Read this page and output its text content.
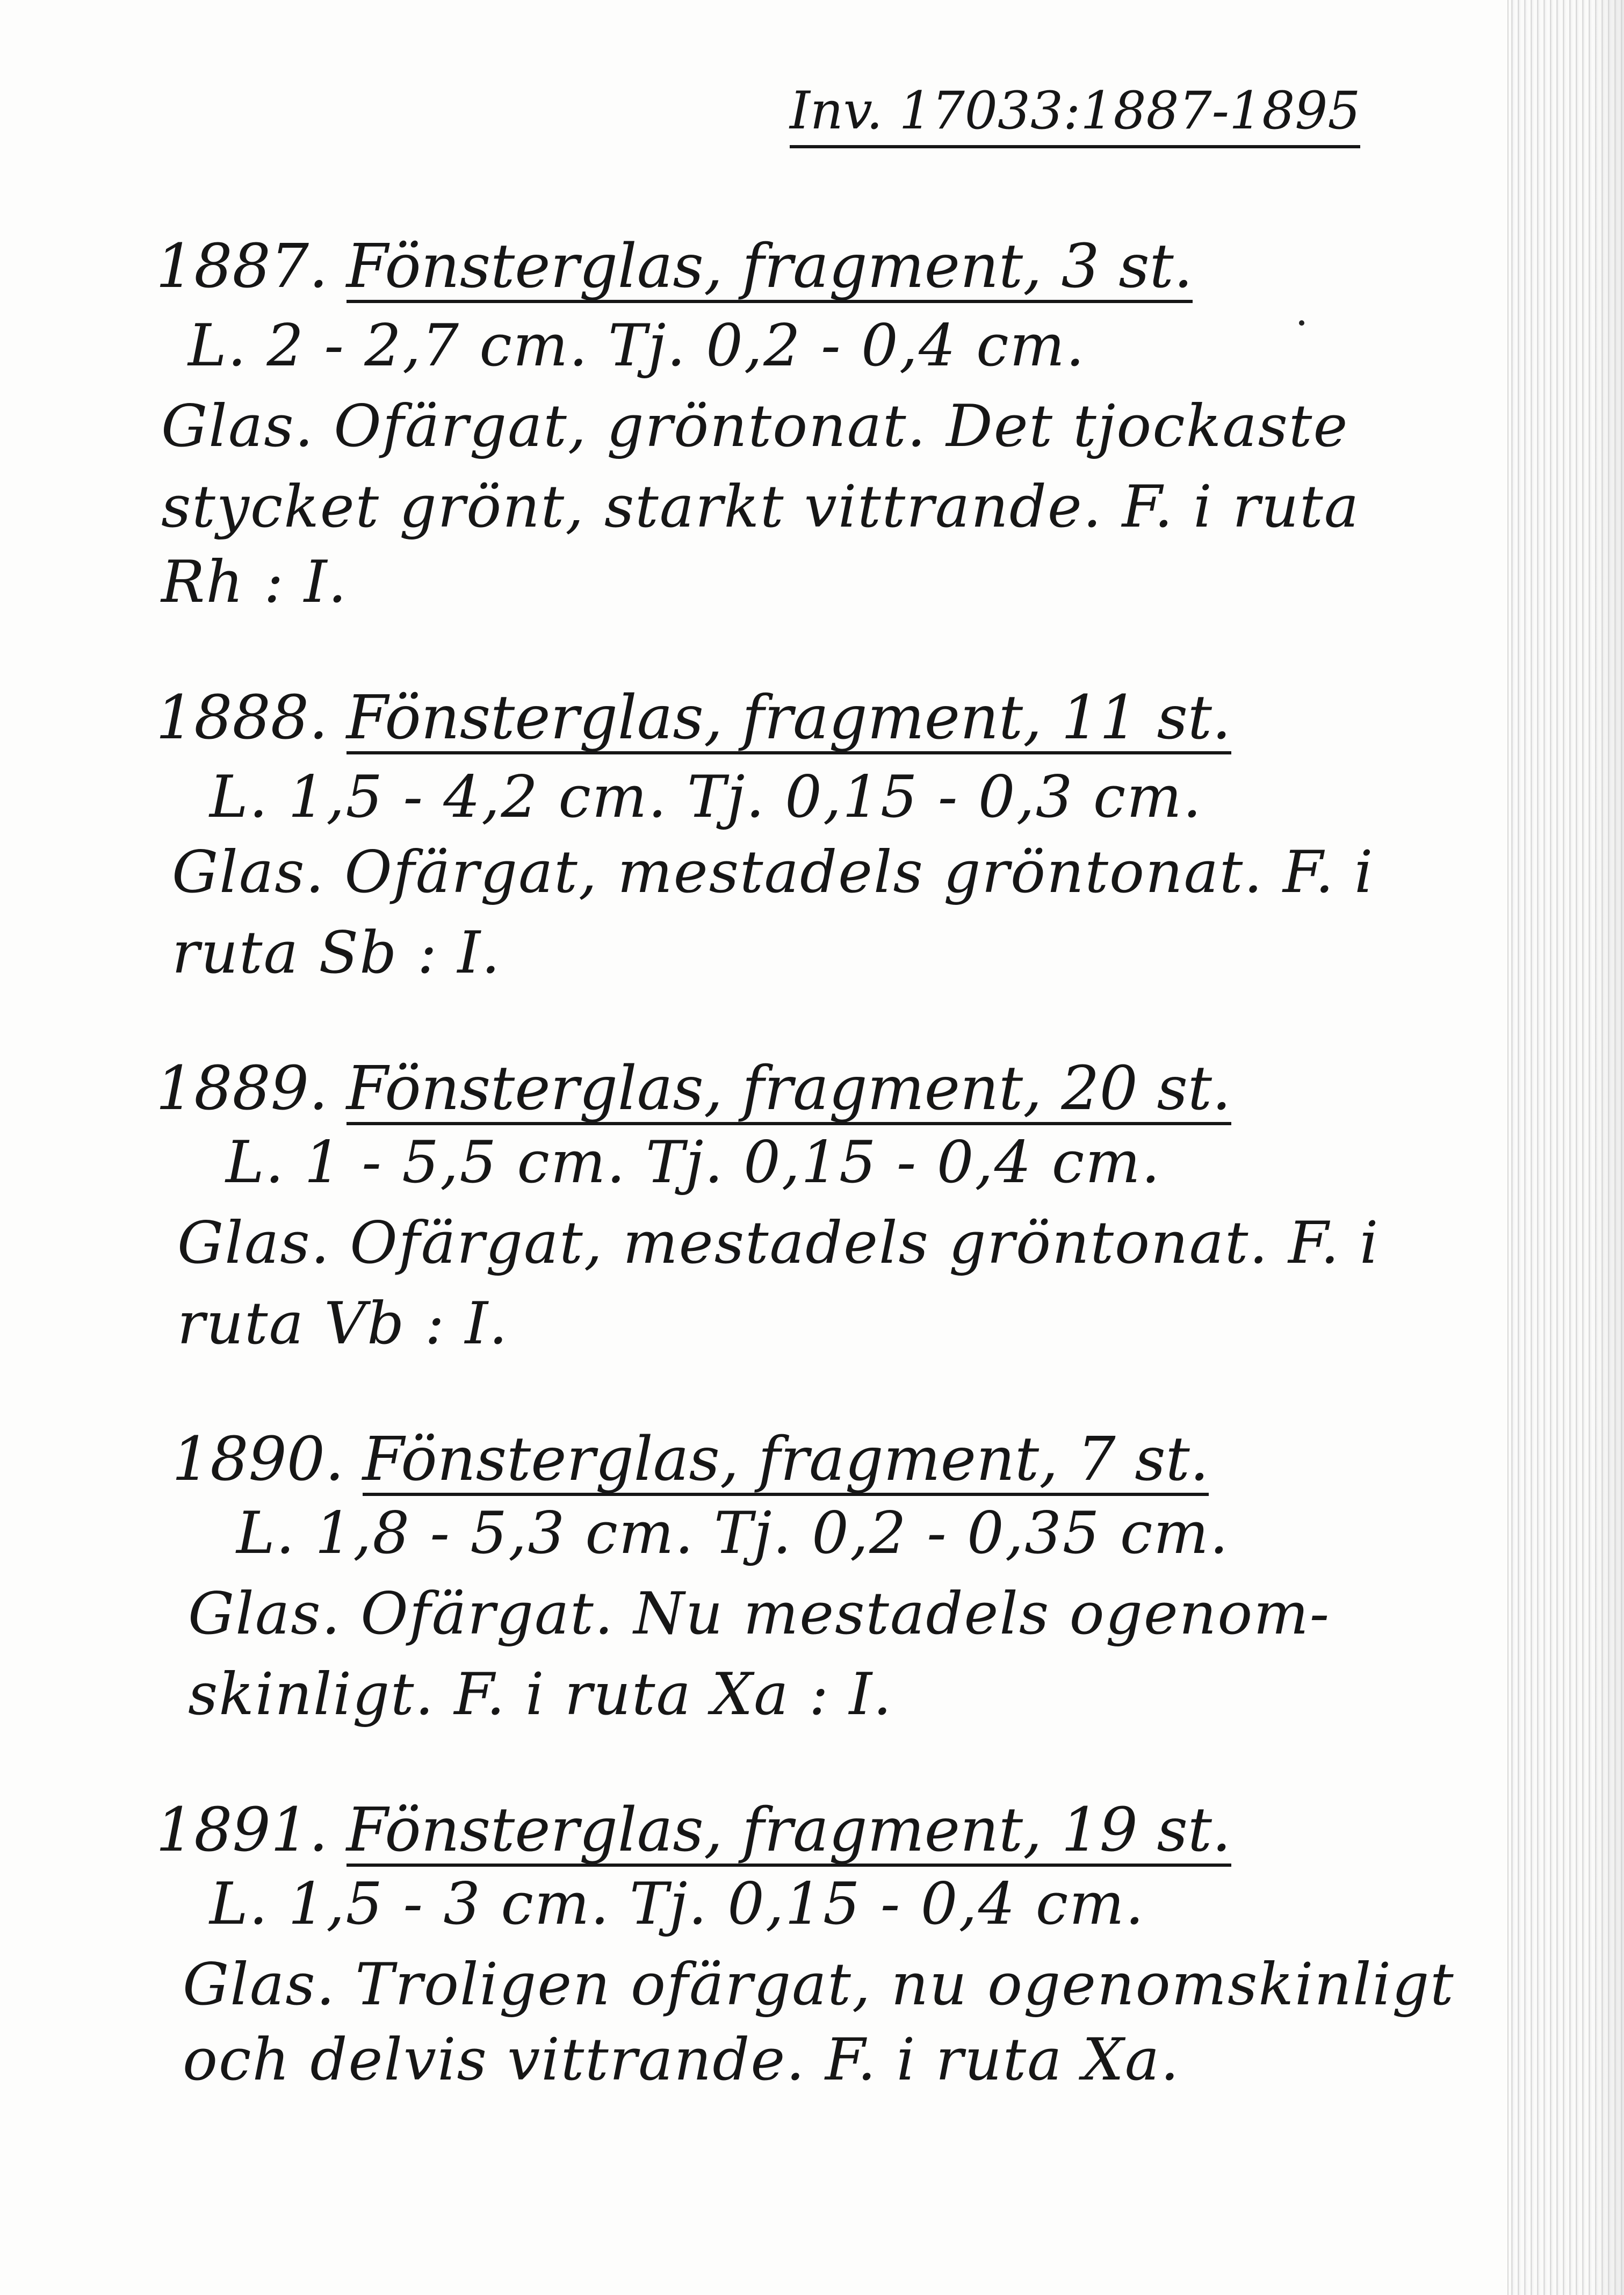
Inv. 17033:1887-1895
1887. Fönsterglas, fragment, 3 st.

L. 2 - 2,7 cm. Tj. 0,2 - 0,4 cm.

Glas. Ofärgat, gröntonat. Det tjockaste

stycket grönt, starkt vittrande. F. i ruta

Rh : I.

1888. Fönsterglas, fragment, 11 st.

L. 1,5 - 4,2 cm. Tj. 0,15 - 0,3 cm.

Glas. Ofärgat, mestadels gröntonat. F. i

ruta Sb : I.

1889. Fönsterglas, fragment, 20 st.

L. 1 - 5,5 cm. Tj. 0,15 - 0,4 cm.

Glas. Ofärgat, mestadels gröntonat. F. i

ruta Vb : I.

1890. Fönsterglas, fragment, 7 st.

L. 1,8 - 5,3 cm. Tj. 0,2 - 0,35 cm.

Glas. Ofärgat. Nu mestadels ogenom-

skinligt. F. i ruta Xa : I.

1891. Fönsterglas, fragment, 19 st.

L. 1,5 - 3 cm. Tj. 0,15 - 0,4 cm.

Glas. Troligen ofärgat, nu ogenomskinligt

och delvis vittrande. F. i ruta Xa.
